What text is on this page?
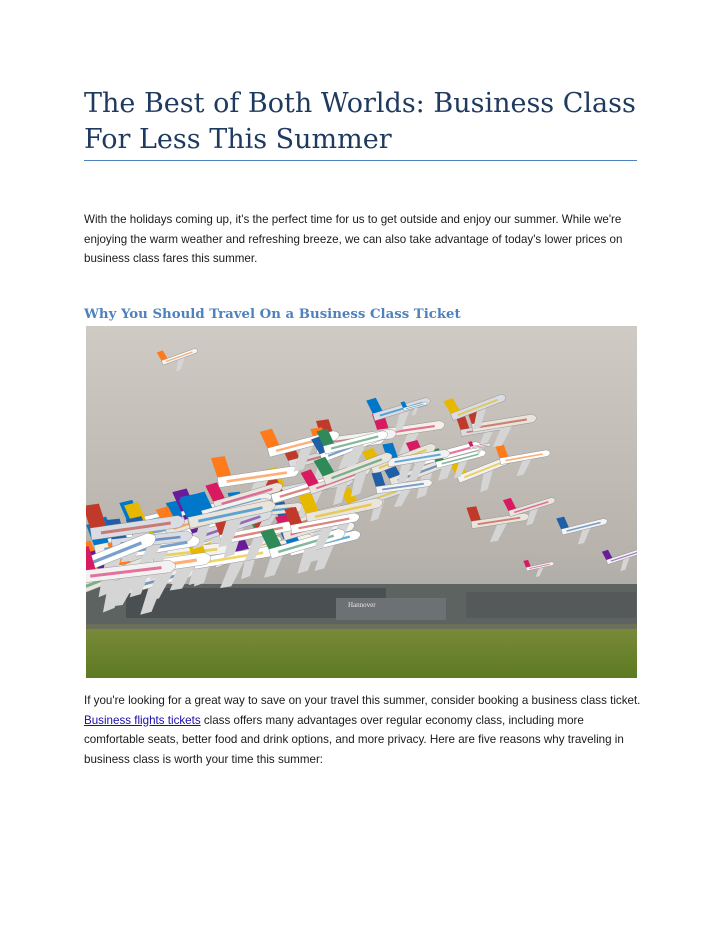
The Best of Both Worlds: Business Class For Less This Summer

With the holidays coming up, it's the perfect time for us to get outside and enjoy our summer. While we're enjoying the warm weather and refreshing breeze, we can also take advantage of today's lower prices on business class fares this summer.

Why You Should Travel On a Business Class Ticket
Hannover

If you're looking for a great way to save on your travel this summer, consider booking a business class ticket. Business flights tickets class offers many advantages over regular economy class, including more comfortable seats, better food and drink options, and more privacy. Here are five reasons why traveling in business class is worth your time this summer:
